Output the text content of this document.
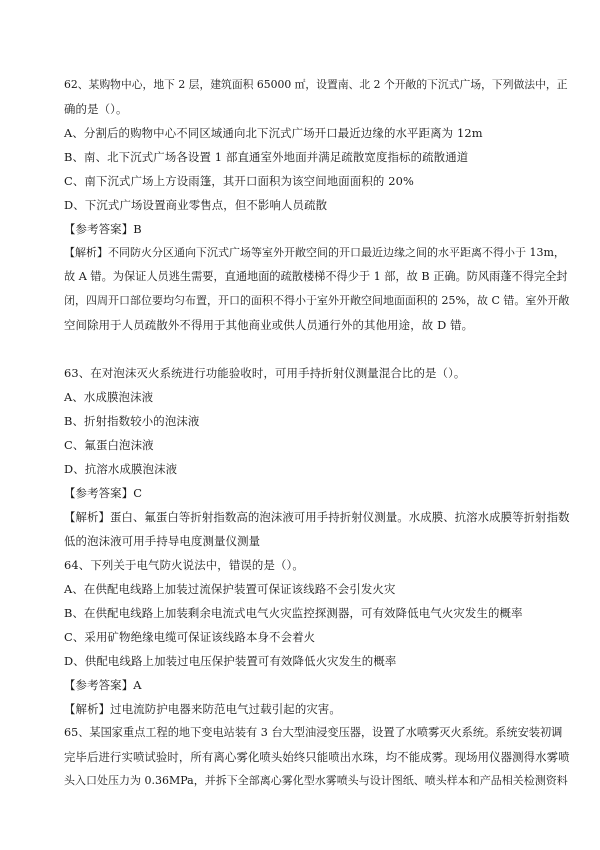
62、某购物中心，地下 2 层，建筑面积 65000 ㎡，设置南、北 2 个开敞的下沉式广场，下列做法中，正
确的是（）。
A、分割后的购物中心不同区域通向北下沉式广场开口最近边缘的水平距离为 12m
B、南、北下沉式广场各设置 1 部直通室外地面并满足疏散宽度指标的疏散通道
C、南下沉式广场上方设雨篷，其开口面积为该空间地面面积的 20%
D、下沉式广场设置商业零售点，但不影响人员疏散
【参考答案】B
【解析】不同防火分区通向下沉式广场等室外开敞空间的开口最近边缘之间的水平距离不得小于 13m，
故 A 错。为保证人员逃生需要，直通地面的疏散楼梯不得少于 1 部，故 B 正确。防风雨蓬不得完全封
闭，四周开口部位要均匀布置，开口的面积不得小于室外开敞空间地面面积的 25%，故 C 错。室外开敞
空间除用于人员疏散外不得用于其他商业或供人员通行外的其他用途，故 D 错。
63、在对泡沫灭火系统进行功能验收时，可用手持折射仪测量混合比的是（）。
A、水成膜泡沫液
B、折射指数较小的泡沫液
C、氟蛋白泡沫液
D、抗溶水成膜泡沫液
【参考答案】C
【解析】蛋白、氟蛋白等折射指数高的泡沫液可用手持折射仪测量。水成膜、抗溶水成膜等折射指数
低的泡沫液可用手持导电度测量仪测量
64、下列关于电气防火说法中，错误的是（）。
A、在供配电线路上加装过流保护装置可保证该线路不会引发火灾
B、在供配电线路上加装剩余电流式电气火灾监控探测器，可有效降低电气火灾发生的概率
C、采用矿物绝缘电缆可保证该线路本身不会着火
D、供配电线路上加装过电压保护装置可有效降低火灾发生的概率
【参考答案】A
【解析】过电流防护电器来防范电气过载引起的灾害。
65、某国家重点工程的地下变电站装有 3 台大型油浸变压器，设置了水喷雾灭火系统。系统安装初调
完毕后进行实喷试验时，所有离心雾化喷头始终只能喷出水珠，均不能成雾。现场用仪器测得水雾喷
头入口处压力为 0.36MPa，并拆下全部离心雾化型水雾喷头与设计图纸、喷头样本和产品相关检测资料
